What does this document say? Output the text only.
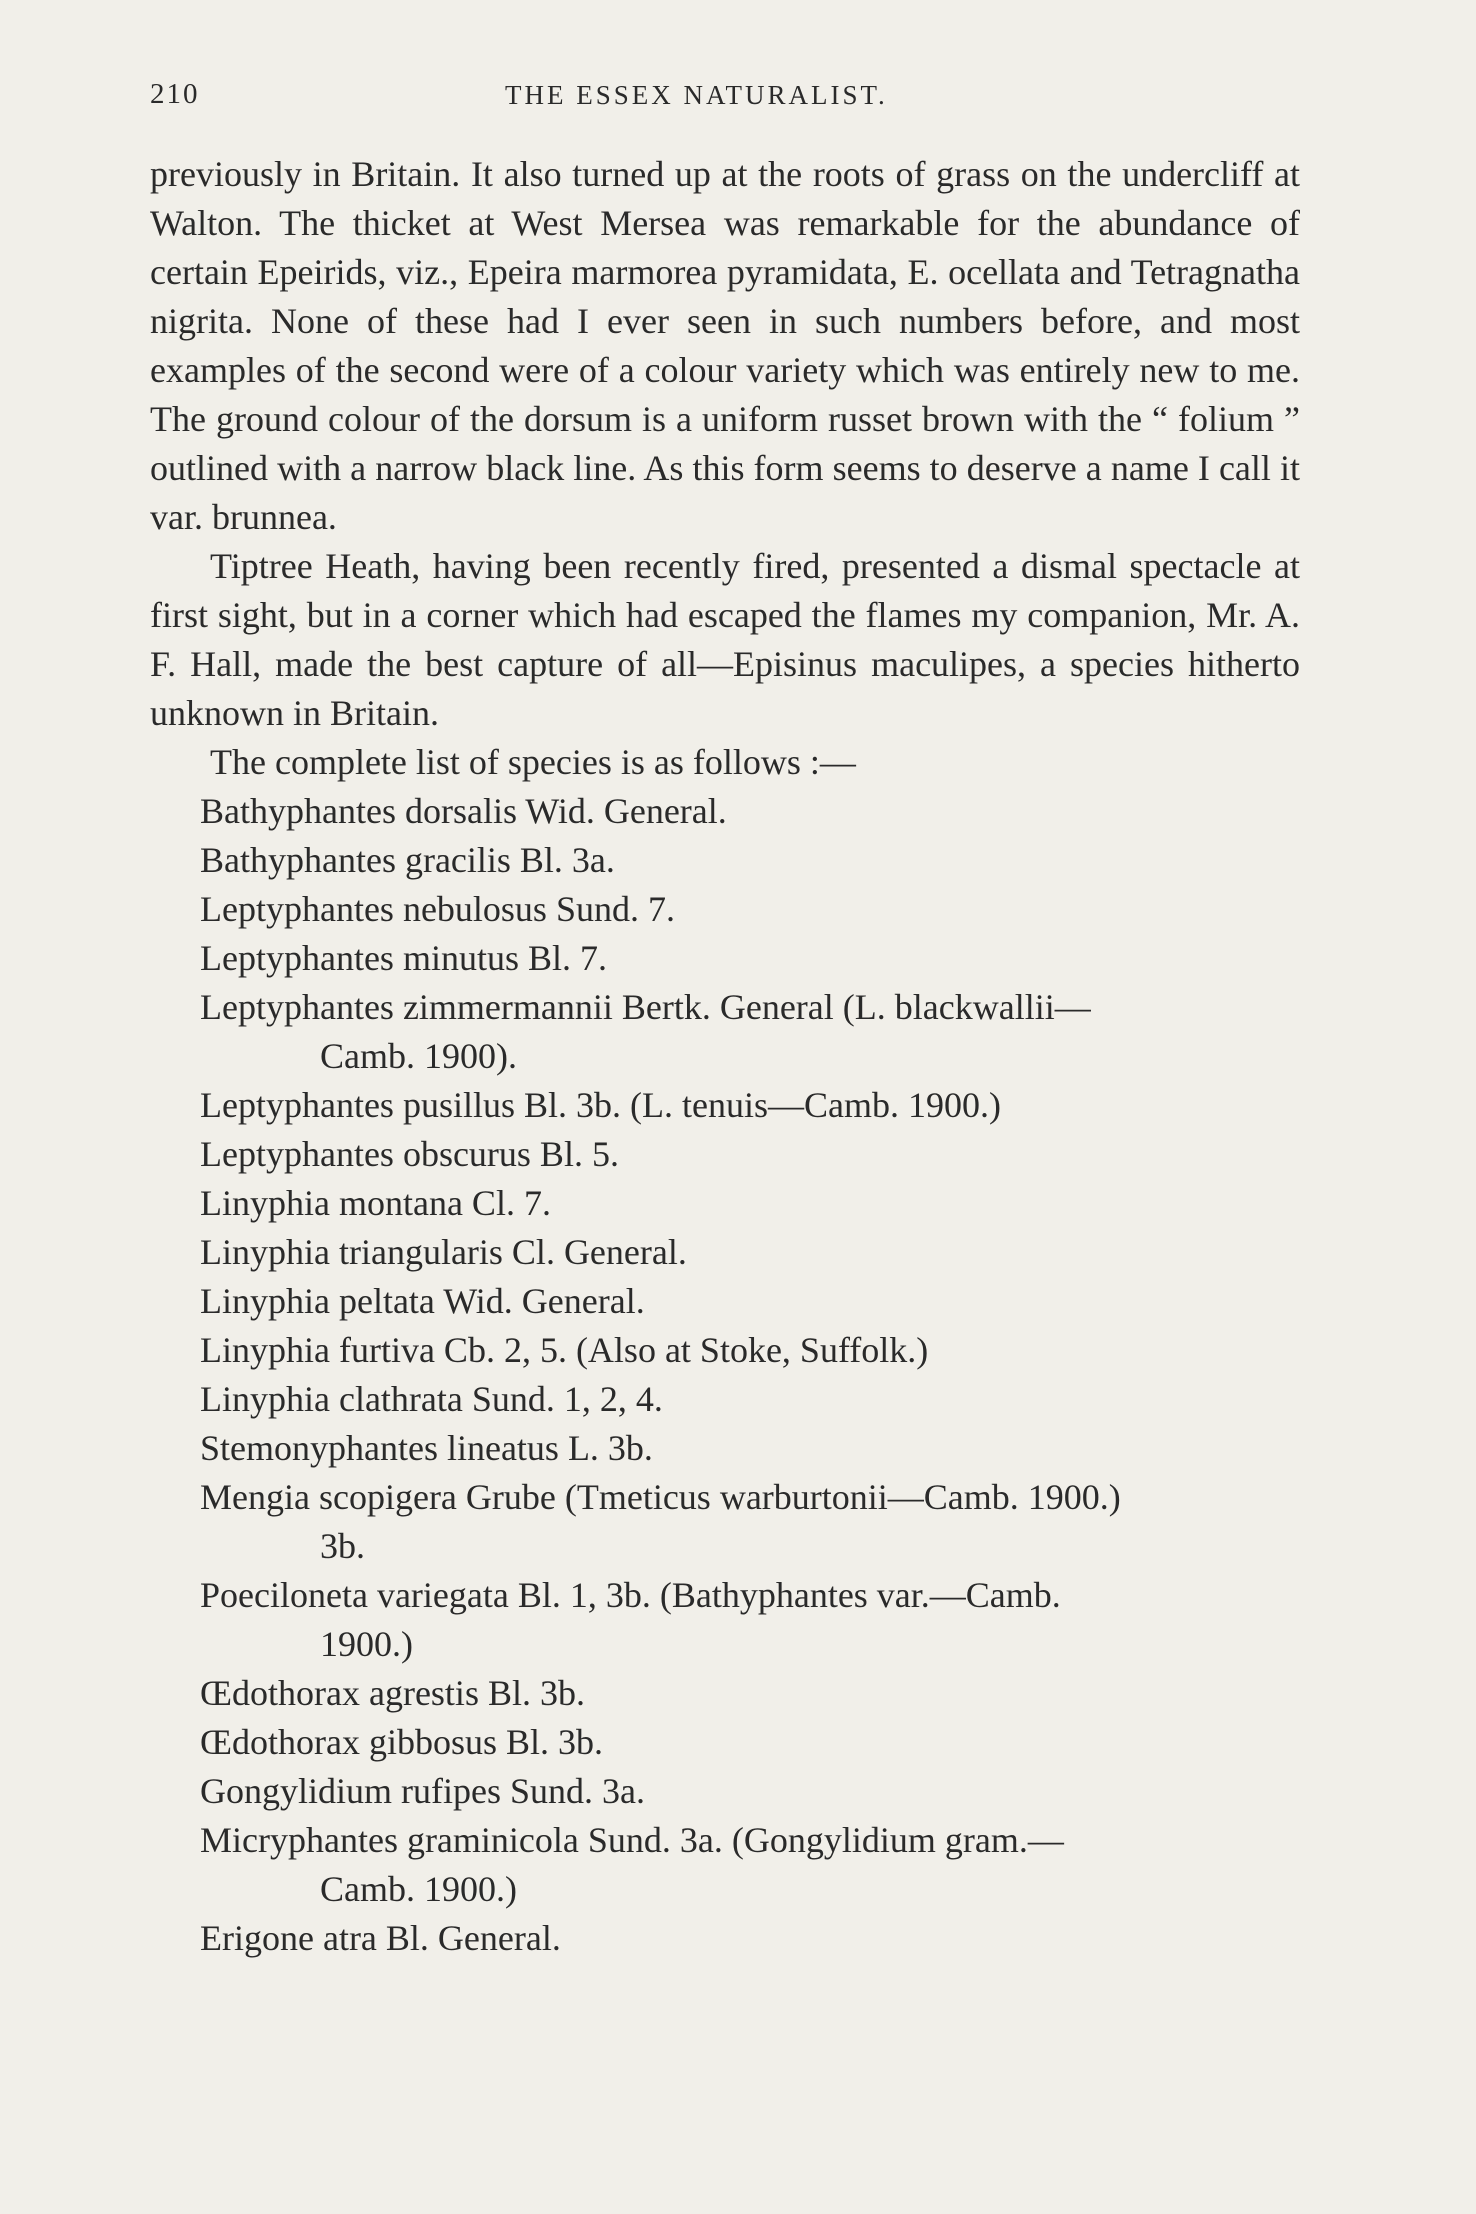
210	THE ESSEX NATURALIST.

previously in Britain. It also turned up at the roots of grass on the undercliff at Walton. The thicket at West Mersea was remarkable for the abundance of certain Epeirids, viz., Epeira marmorea pyramidata, E. ocellata and Tetragnatha nigrita. None of these had I ever seen in such numbers before, and most examples of the second were of a colour variety which was entirely new to me. The ground colour of the dorsum is a uniform russet brown with the “ folium ” outlined with a narrow black line. As this form seems to deserve a name I call it var. brunnea.

Tiptree Heath, having been recently fired, presented a dismal spectacle at first sight, but in a corner which had escaped the flames my companion, Mr. A. F. Hall, made the best capture of all—Episinus maculipes, a species hitherto unknown in Britain.

The complete list of species is as follows :—

Bathyphantes dorsalis Wid. General.
Bathyphantes gracilis Bl. 3a.
Leptyphantes nebulosus Sund. 7.
Leptyphantes minutus Bl. 7.
Leptyphantes zimmermannii Bertk. General (L. blackwallii—
Camb. 1900).
Leptyphantes pusillus Bl. 3b. (L. tenuis—Camb. 1900.)
Leptyphantes obscurus Bl. 5.
Linyphia montana Cl. 7.
Linyphia triangularis Cl. General.
Linyphia peltata Wid. General.
Linyphia furtiva Cb. 2, 5. (Also at Stoke, Suffolk.)
Linyphia clathrata Sund. 1, 2, 4.
Stemonyphantes lineatus L. 3b.
Mengia scopigera Grube (Tmeticus warburtonii—Camb. 1900.)
3b.
Poeciloneta variegata Bl. 1, 3b. (Bathyphantes var.—Camb.
1900.)
Œdothorax agrestis Bl. 3b.
Œdothorax gibbosus Bl. 3b.
Gongylidium rufipes Sund. 3a.
Micryphantes graminicola Sund. 3a. (Gongylidium gram.—
Camb. 1900.)
Erigone atra Bl. General.
